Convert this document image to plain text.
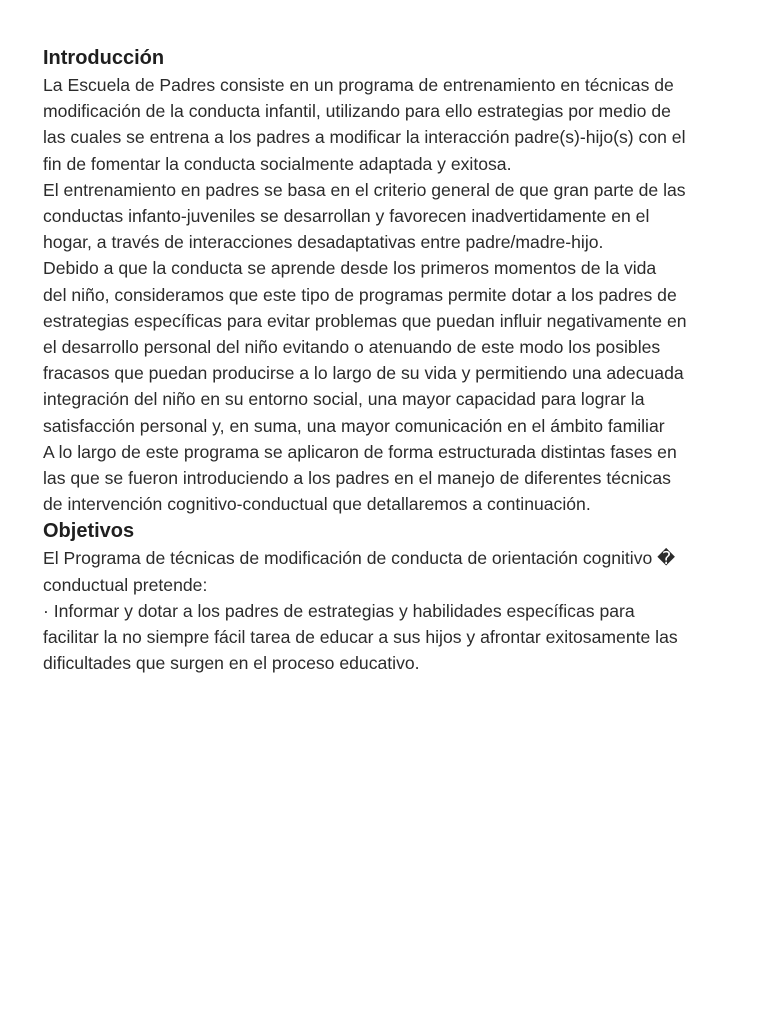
Introducción

La Escuela de Padres consiste en un programa de entrenamiento en técnicas de
modificación de la conducta infantil, utilizando para ello estrategias por medio de
las cuales se entrena a los padres a modificar la interacción padre(s)-hijo(s) con el
fin de fomentar la conducta socialmente adaptada y exitosa.

El entrenamiento en padres se basa en el criterio general de que gran parte de las
conductas infanto-juveniles se desarrollan y favorecen inadvertidamente en el
hogar, a través de interacciones desadaptativas entre padre/madre-hijo.

Debido a que la conducta se aprende desde los primeros momentos de la vida
del niño, consideramos que este tipo de programas permite dotar a los padres de
estrategias específicas para evitar problemas que puedan influir negativamente en
el desarrollo personal del niño evitando o atenuando de este modo los posibles
fracasos que puedan producirse a lo largo de su vida y permitiendo una adecuada
integración del niño en su entorno social, una mayor capacidad para lograr la
satisfacción personal y, en suma, una mayor comunicación en el ámbito familiar

A lo largo de este programa se aplicaron de forma estructurada distintas fases en
las que se fueron introduciendo a los padres en el manejo de diferentes técnicas
de intervención cognitivo-conductual que detallaremos a continuación.

Objetivos

El Programa de técnicas de modificación de conducta de orientación cognitivo �
conductual pretende:

· Informar y dotar a los padres de estrategias y habilidades específicas para
facilitar la no siempre fácil tarea de educar a sus hijos y afrontar exitosamente las
dificultades que surgen en el proceso educativo.
